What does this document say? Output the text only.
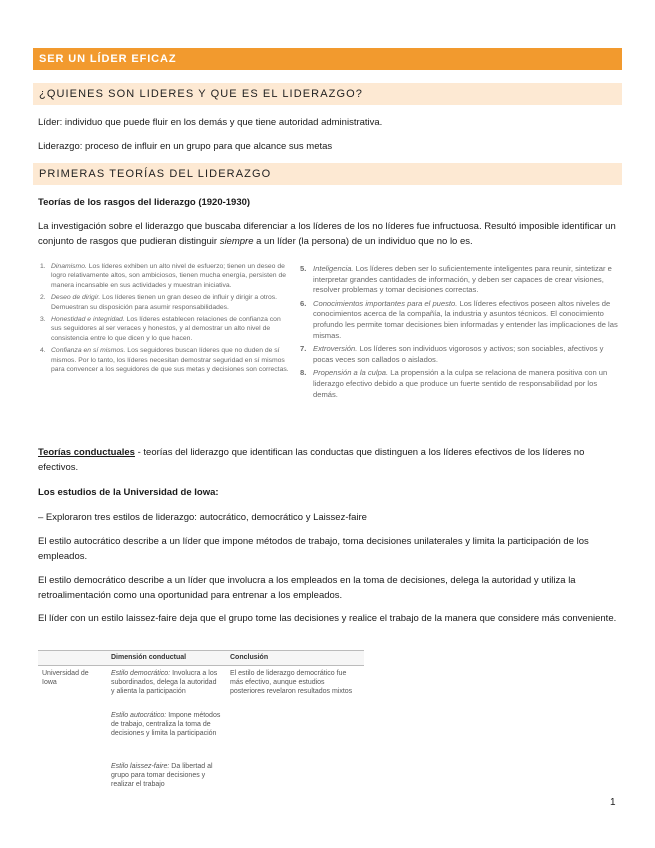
SER UN LÍDER EFICAZ
¿QUIENES SON LIDERES Y QUE ES EL LIDERAZGO?
Líder: individuo que puede fluir en los demás y que tiene autoridad administrativa.
Liderazgo: proceso de influir en un grupo para que alcance sus metas
PRIMERAS TEORÍAS DEL LIDERAZGO
Teorías de los rasgos del liderazgo (1920-1930)
La investigación sobre el liderazgo que buscaba diferenciar a los líderes de los no líderes fue infructuosa. Resultó imposible identificar un conjunto de rasgos que pudieran distinguir siempre a un líder (la persona) de un individuo que no lo es.
1. Dinamismo. Los líderes exhiben un alto nivel de esfuerzo; tienen un deseo de logro relativamente altos, son ambiciosos, tienen mucha energía, persisten de manera incansable en sus actividades y muestran iniciativa.
2. Deseo de dirigir. Los líderes tienen un gran deseo de influir y dirigir a otros. Demuestran su disposición para asumir responsabilidades.
3. Honestidad e integridad. Los líderes establecen relaciones de confianza con sus seguidores al ser veraces y honestos, y al demostrar un alto nivel de consistencia entre lo que dicen y lo que hacen.
4. Confianza en sí mismos. Los seguidores buscan líderes que no duden de sí mismos. Por lo tanto, los líderes necesitan demostrar seguridad en sí mismos para convencer a los seguidores de que sus metas y decisiones son correctas.
5. Inteligencia. Los líderes deben ser lo suficientemente inteligentes para reunir, sintetizar e interpretar grandes cantidades de información, y deben ser capaces de crear visiones, resolver problemas y tomar decisiones correctas.
6. Conocimientos importantes para el puesto. Los líderes efectivos poseen altos niveles de conocimientos acerca de la compañía, la industria y asuntos técnicos. El conocimiento profundo les permite tomar decisiones bien informadas y entender las implicaciones de las mismas.
7. Extroversión. Los líderes son individuos vigorosos y activos; son sociables, afectivos y pocas veces son callados o aislados.
8. Propensión a la culpa. La propensión a la culpa se relaciona de manera positiva con un liderazgo efectivo debido a que produce un fuerte sentido de responsabilidad por los demás.
Teorías conductuales - teorías del liderazgo que identifican las conductas que distinguen a los líderes efectivos de los líderes no efectivos.
Los estudios de la Universidad de Iowa:
– Exploraron tres estilos de liderazgo: autocrático, democrático y Laissez-faire
El estilo autocrático describe a un líder que impone métodos de trabajo, toma decisiones unilaterales y limita la participación de los empleados.
El estilo democrático describe a un líder que involucra a los empleados en la toma de decisiones, delega la autoridad y utiliza la retroalimentación como una oportunidad para entrenar a los empleados.
El líder con un estilo laissez-faire deja que el grupo tome las decisiones y realice el trabajo de la manera que considere más conveniente.
Dimensión conductual	Conclusión
Universidad de Iowa
Estilo democrático: Involucra a los subordinados, delega la autoridad y alienta la participación
Estilo autocrático: Impone métodos de trabajo, centraliza la toma de decisiones y limita la participación
Estilo laissez-faire: Da libertad al grupo para tomar decisiones y realizar el trabajo
El estilo de liderazgo democrático fue más efectivo, aunque estudios posteriores revelaron resultados mixtos
1
